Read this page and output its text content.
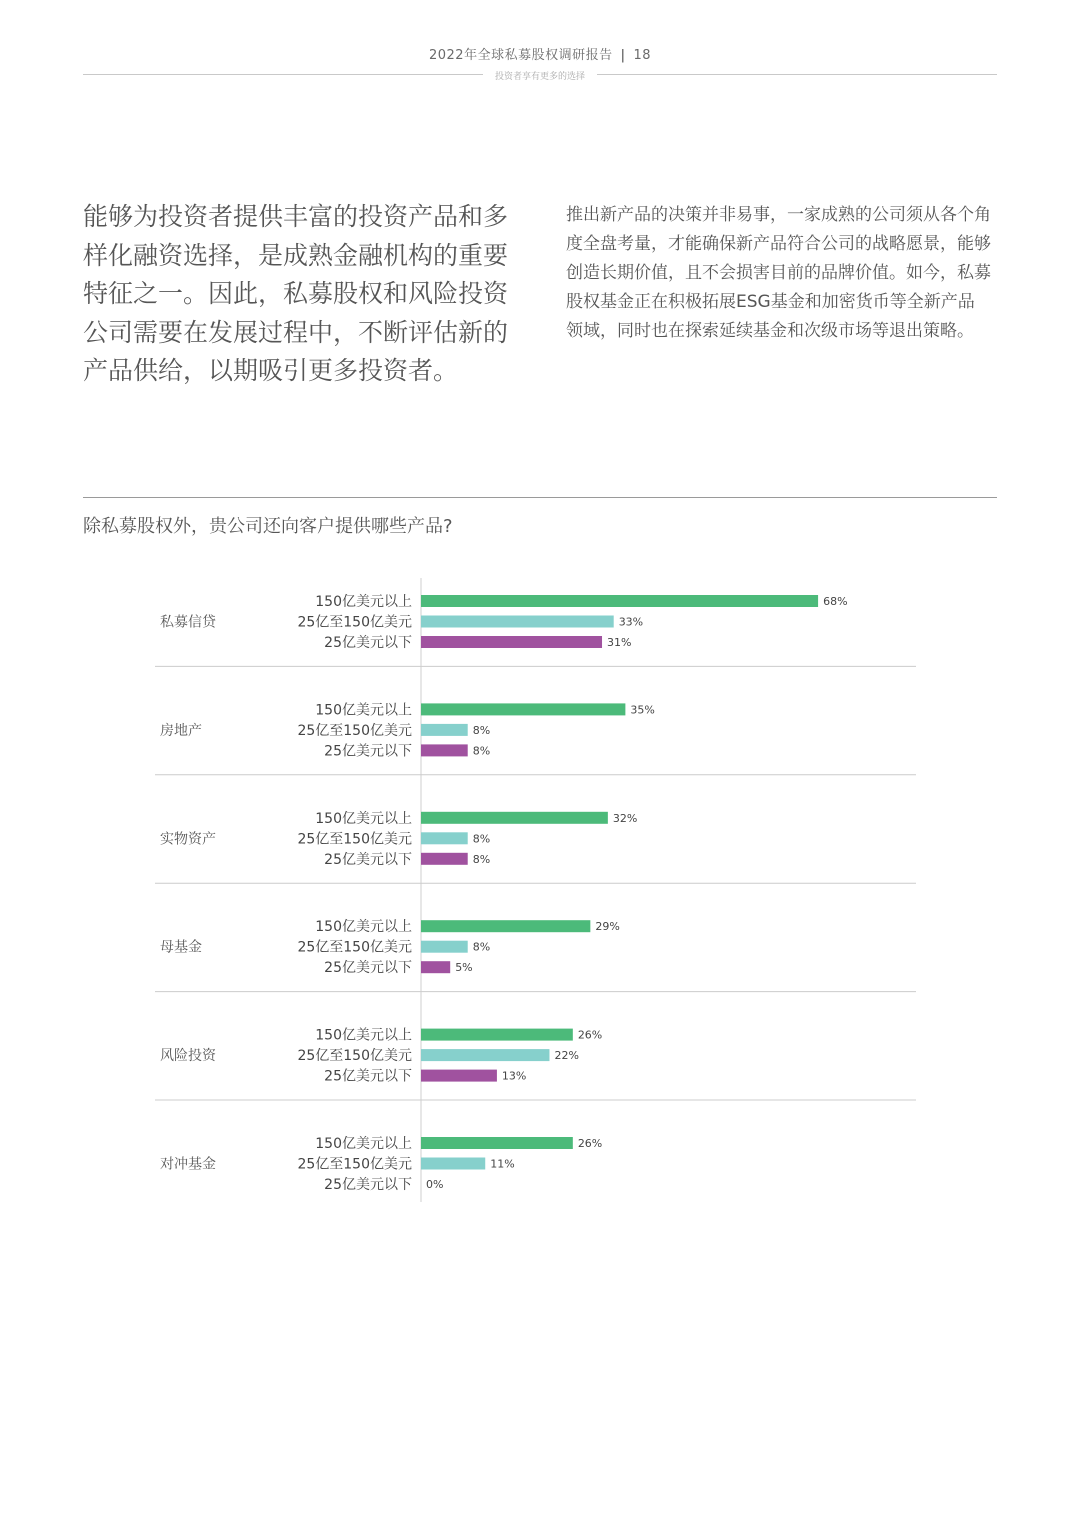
2022年全球私募股权调研报告 | 18
投资者享有更多的选择
能够为投资者提供丰富的投资产品和多样化融资选择，是成熟金融机构的重要特征之一。因此，私募股权和风险投资公司需要在发展过程中，不断评估新的产品供给，以期吸引更多投资者。
推出新产品的决策并非易事，一家成熟的公司须从各个角度全盘考量，才能确保新产品符合公司的战略愿景，能够创造长期价值，且不会损害目前的品牌价值。如今，私募股权基金正在积极拓展ESG基金和加密货币等全新产品领域，同时也在探索延续基金和次级市场等退出策略。
除私募股权外，贵公司还向客户提供哪些产品?
私募信贷
150亿美元以上	68%
25亿至150亿美元	33%
25亿美元以下	31%
房地产
150亿美元以上	35%
25亿至150亿美元	8%
25亿美元以下	8%
实物资产
150亿美元以上	32%
25亿至150亿美元	8%
25亿美元以下	8%
母基金
150亿美元以上	29%
25亿至150亿美元	8%
25亿美元以下	5%
风险投资
150亿美元以上	26%
25亿至150亿美元	22%
25亿美元以下	13%
对冲基金
150亿美元以上	26%
25亿至150亿美元	11%
25亿美元以下 0%
